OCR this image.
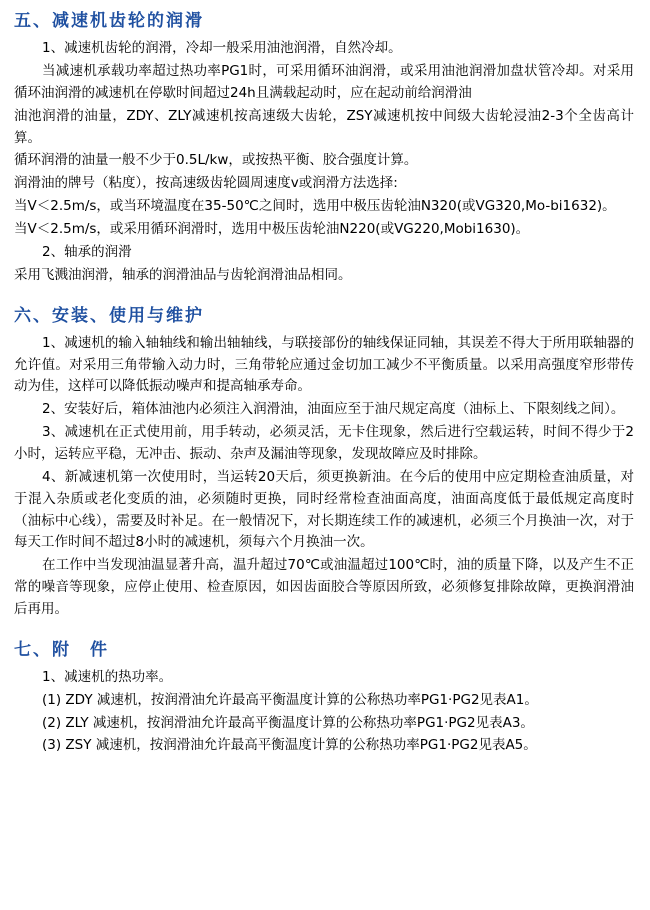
五、减速机齿轮的润滑

1、减速机齿轮的润滑，冷却一般采用油池润滑，自然冷却。

当减速机承载功率超过热功率PG1时，可采用循环油润滑，或采用油池润滑加盘状管冷却。对采用循环油润滑的减速机在停歇时间超过24h且满载起动时，应在起动前给润滑油

油池润滑的油量，ZDY、ZLY减速机按高速级大齿轮，ZSY减速机按中间级大齿轮浸油2-3个全齿高计算。

循环润滑的油量一般不少于0.5L/kw，或按热平衡、胶合强度计算。

润滑油的牌号（粘度），按高速级齿轮圆周速度v或润滑方法选择:

当V＜2.5m/s，或当环境温度在35-50℃之间时，选用中极压齿轮油N320(或VG320,Mo-bi1632)。

当V＜2.5m/s，或采用循环润滑时，选用中极压齿轮油N220(或VG220,Mobi1630)。

2、轴承的润滑

采用飞溅油润滑，轴承的润滑油品与齿轮润滑油品相同。

六、安装、使用与维护

1、减速机的输入轴轴线和输出轴轴线，与联接部份的轴线保证同轴，其误差不得大于所用联轴器的允许值。对采用三角带输入动力时，三角带轮应通过金切加工减少不平衡质量。以采用高强度窄形带传动为佳，这样可以降低振动噪声和提高轴承寿命。

2、安装好后，箱体油池内必须注入润滑油，油面应至于油尺规定高度（油标上、下限刻线之间）。

3、减速机在正式使用前，用手转动，必须灵活，无卡住现象，然后进行空载运转，时间不得少于2小时，运转应平稳，无冲击、振动、杂声及漏油等现象，发现故障应及时排除。

4、新减速机第一次使用时，当运转20天后，须更换新油。在今后的使用中应定期检查油质量，对于混入杂质或老化变质的油，必须随时更换，同时经常检查油面高度，油面高度低于最低规定高度时（油标中心线），需要及时补足。在一般情况下，对长期连续工作的减速机，必须三个月换油一次，对于每天工作时间不超过8小时的减速机，须每六个月换油一次。

在工作中当发现油温显著升高，温升超过70℃或油温超过100℃时，油的质量下降，以及产生不正常的噪音等现象，应停止使用、检查原因，如因齿面胶合等原因所致，必须修复排除故障，更换润滑油后再用。

七、附　件

1、减速机的热功率。

(1) ZDY 减速机，按润滑油允许最高平衡温度计算的公称热功率PG1·PG2见表A1。

(2) ZLY 减速机，按润滑油允许最高平衡温度计算的公称热功率PG1·PG2见表A3。

(3) ZSY 减速机，按润滑油允许最高平衡温度计算的公称热功率PG1·PG2见表A5。
